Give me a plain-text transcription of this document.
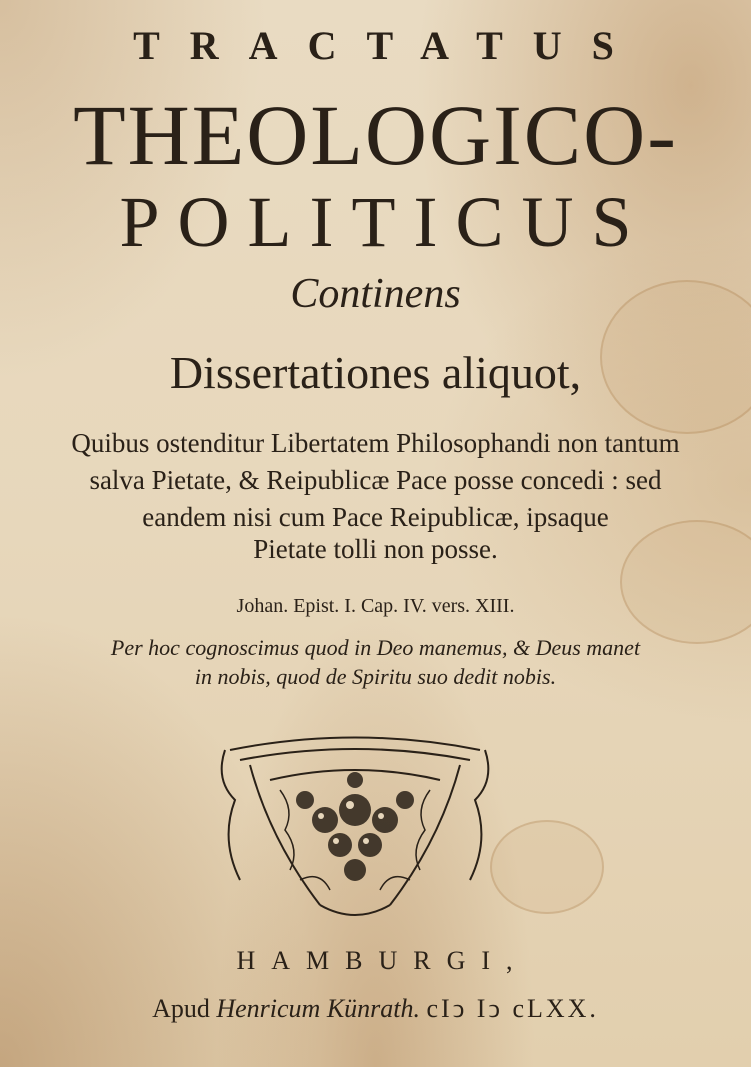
TRACTATUS
THEOLOGICO-
POLITICUS
Continens
Dissertationes aliquot,
Quibus ostenditur Libertatem Philosophandi non tantum
salva Pietate, & Reipublicæ Pace posse concedi : sed
eandem nisi cum Pace Reipublicæ, ipsaque
Pietate tolli non posse.
Johan. Epist. I. Cap. IV. vers. XIII.
Per hoc cognoscimus quod in Deo manemus, & Deus manet
in nobis, quod de Spiritu suo dedit nobis.
HAMBURGI,
Apud Henricum Künrath. cIↄ Iↄ cLXX.
